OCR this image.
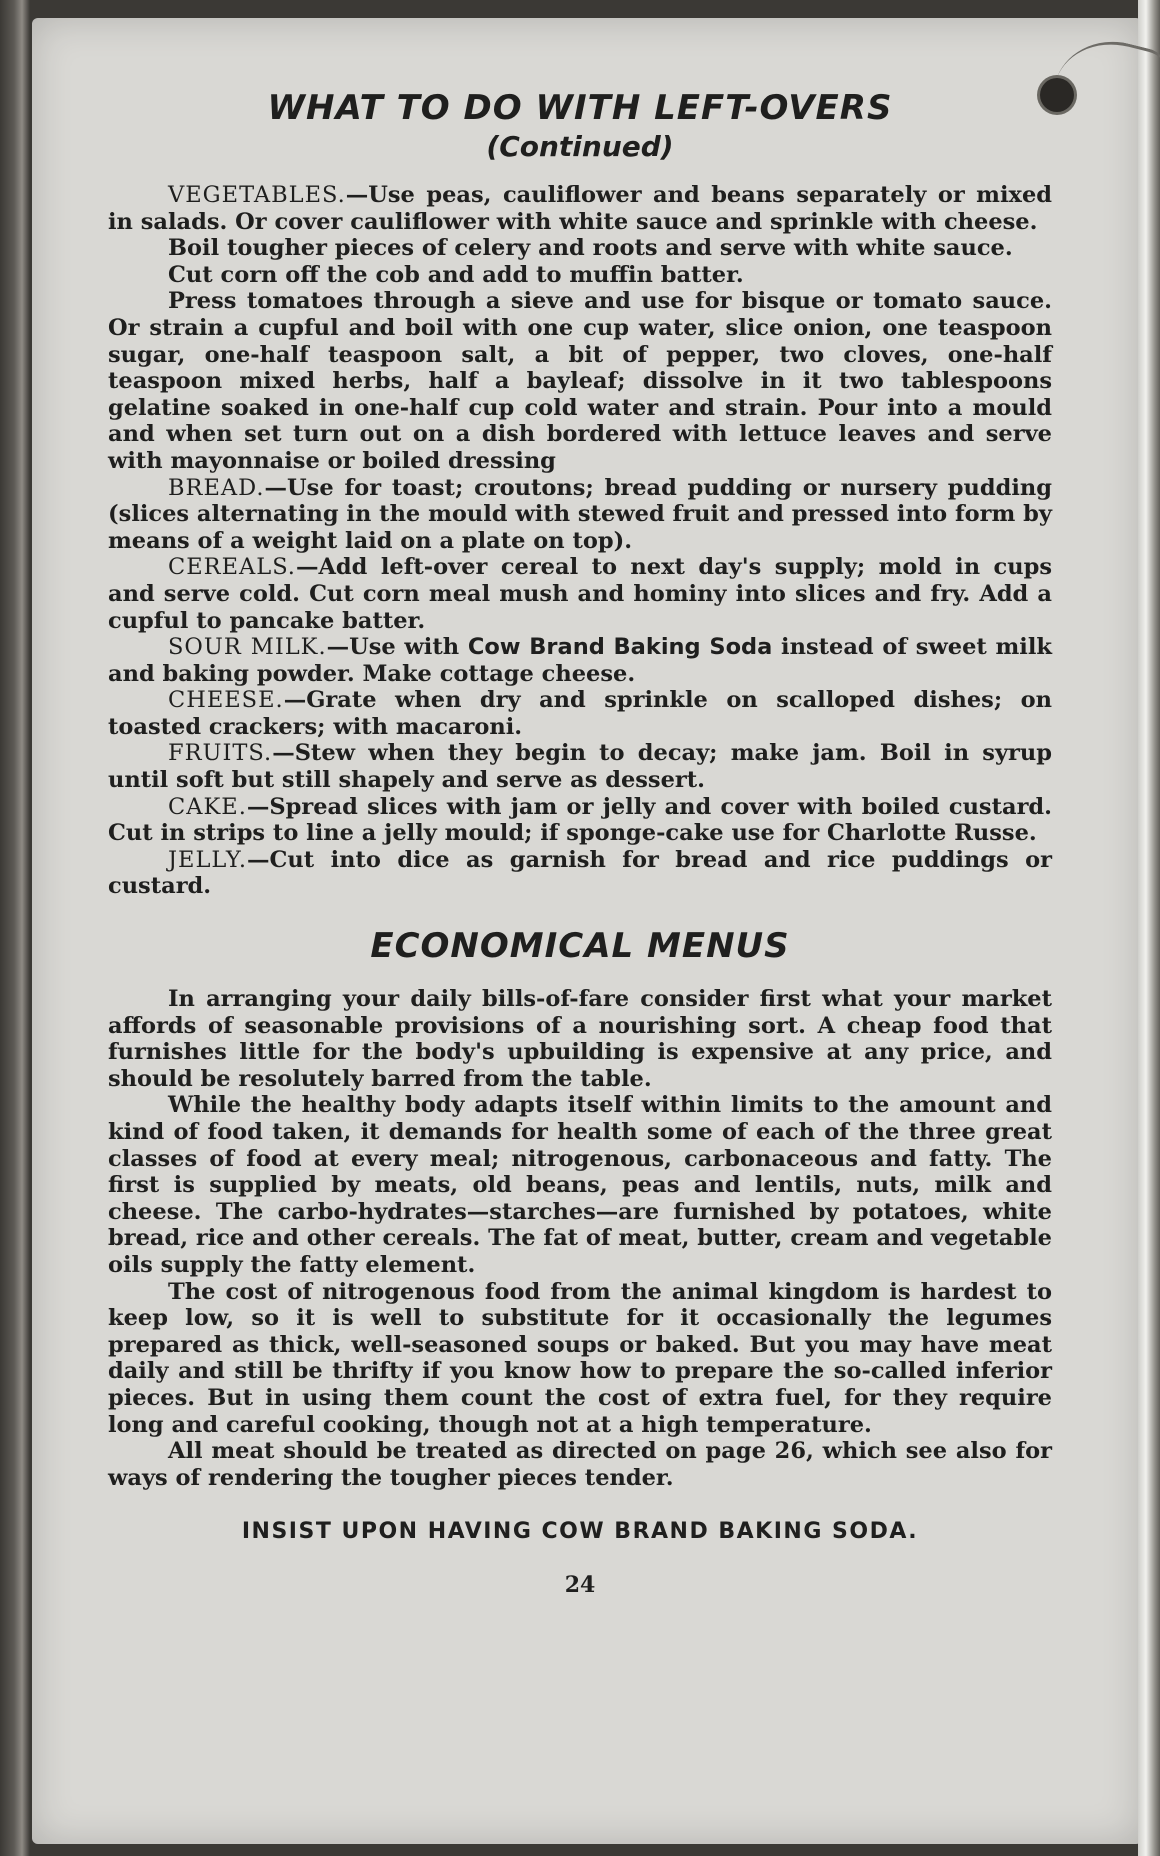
WHAT TO DO WITH LEFT-OVERS
(Continued)

VEGETABLES.—Use peas, cauliflower and beans separately or mixed in salads. Or cover cauliflower with white sauce and sprinkle with cheese.

Boil tougher pieces of celery and roots and serve with white sauce.

Cut corn off the cob and add to muffin batter.

Press tomatoes through a sieve and use for bisque or tomato sauce. Or strain a cupful and boil with one cup water, slice onion, one teaspoon sugar, one-half teaspoon salt, a bit of pepper, two cloves, one-half teaspoon mixed herbs, half a bayleaf; dissolve in it two tablespoons gelatine soaked in one-half cup cold water and strain. Pour into a mould and when set turn out on a dish bordered with lettuce leaves and serve with mayonnaise or boiled dressing

BREAD.—Use for toast; croutons; bread pudding or nursery pudding (slices alternating in the mould with stewed fruit and pressed into form by means of a weight laid on a plate on top).

CEREALS.—Add left-over cereal to next day's supply; mold in cups and serve cold. Cut corn meal mush and hominy into slices and fry. Add a cupful to pancake batter.

SOUR MILK.—Use with Cow Brand Baking Soda instead of sweet milk and baking powder. Make cottage cheese.

CHEESE.—Grate when dry and sprinkle on scalloped dishes; on toasted crackers; with macaroni.

FRUITS.—Stew when they begin to decay; make jam. Boil in syrup until soft but still shapely and serve as dessert.

CAKE.—Spread slices with jam or jelly and cover with boiled custard. Cut in strips to line a jelly mould; if sponge-cake use for Charlotte Russe.

JELLY.—Cut into dice as garnish for bread and rice puddings or custard.

ECONOMICAL MENUS

In arranging your daily bills-of-fare consider first what your market affords of seasonable provisions of a nourishing sort. A cheap food that furnishes little for the body's upbuilding is expensive at any price, and should be resolutely barred from the table.

While the healthy body adapts itself within limits to the amount and kind of food taken, it demands for health some of each of the three great classes of food at every meal; nitrogenous, carbonaceous and fatty. The first is supplied by meats, old beans, peas and lentils, nuts, milk and cheese. The carbo-hydrates—starches—are furnished by potatoes, white bread, rice and other cereals. The fat of meat, butter, cream and vegetable oils supply the fatty element.

The cost of nitrogenous food from the animal kingdom is hardest to keep low, so it is well to substitute for it occasionally the legumes prepared as thick, well-seasoned soups or baked. But you may have meat daily and still be thrifty if you know how to prepare the so-called inferior pieces. But in using them count the cost of extra fuel, for they require long and careful cooking, though not at a high temperature.

All meat should be treated as directed on page 26, which see also for ways of rendering the tougher pieces tender.

INSIST UPON HAVING COW BRAND BAKING SODA.
24
